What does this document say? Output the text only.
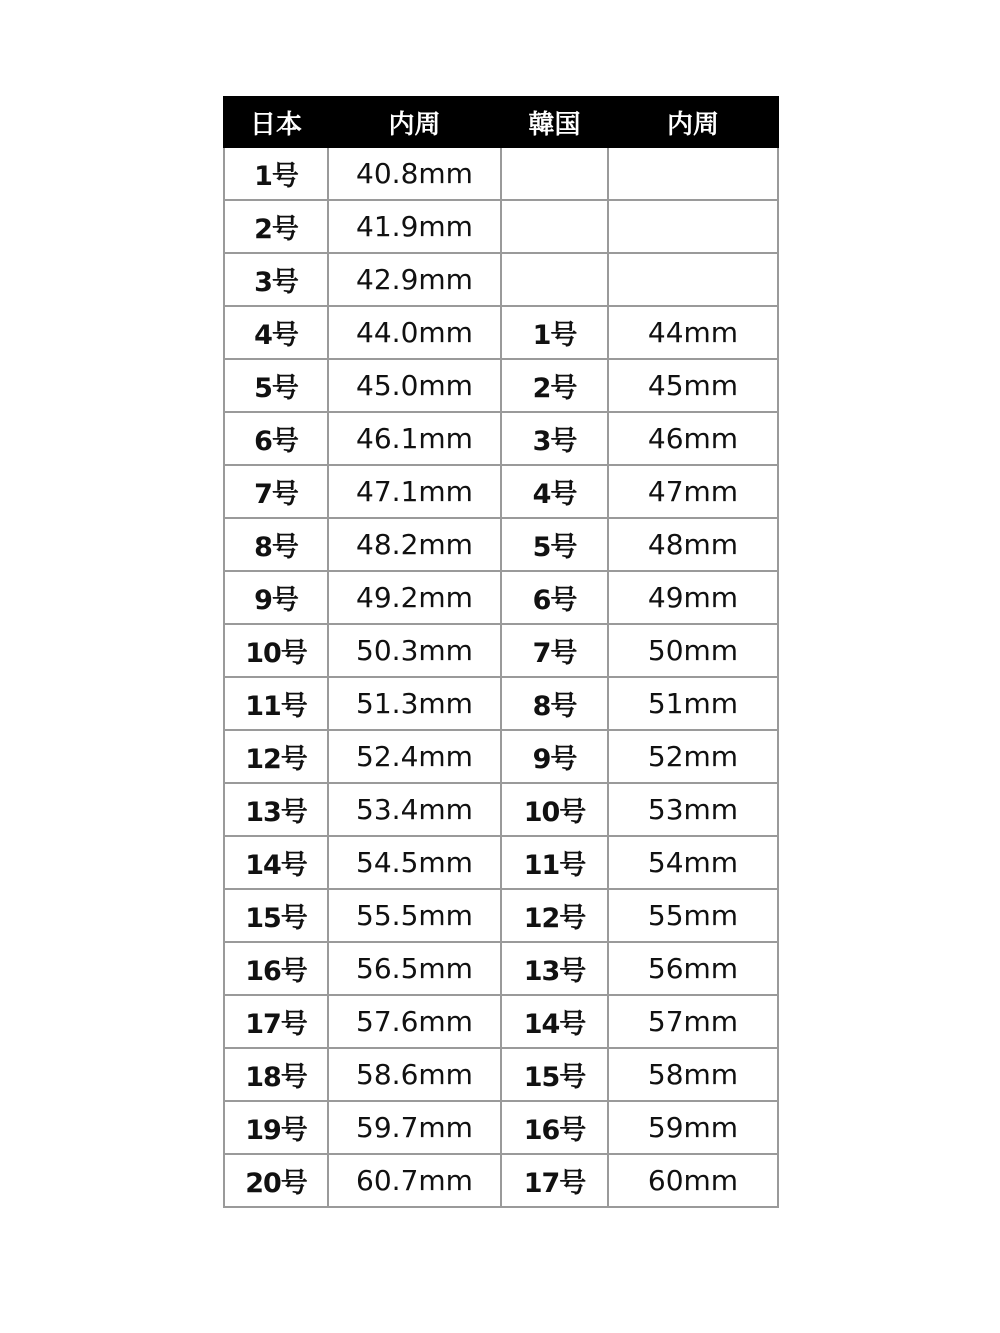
日本	内周	韓国	内周
1号	40.8mm		
2号	41.9mm		
3号	42.9mm		
4号	44.0mm	1号	44mm
5号	45.0mm	2号	45mm
6号	46.1mm	3号	46mm
7号	47.1mm	4号	47mm
8号	48.2mm	5号	48mm
9号	49.2mm	6号	49mm
10号	50.3mm	7号	50mm
11号	51.3mm	8号	51mm
12号	52.4mm	9号	52mm
13号	53.4mm	10号	53mm
14号	54.5mm	11号	54mm
15号	55.5mm	12号	55mm
16号	56.5mm	13号	56mm
17号	57.6mm	14号	57mm
18号	58.6mm	15号	58mm
19号	59.7mm	16号	59mm
20号	60.7mm	17号	60mm
